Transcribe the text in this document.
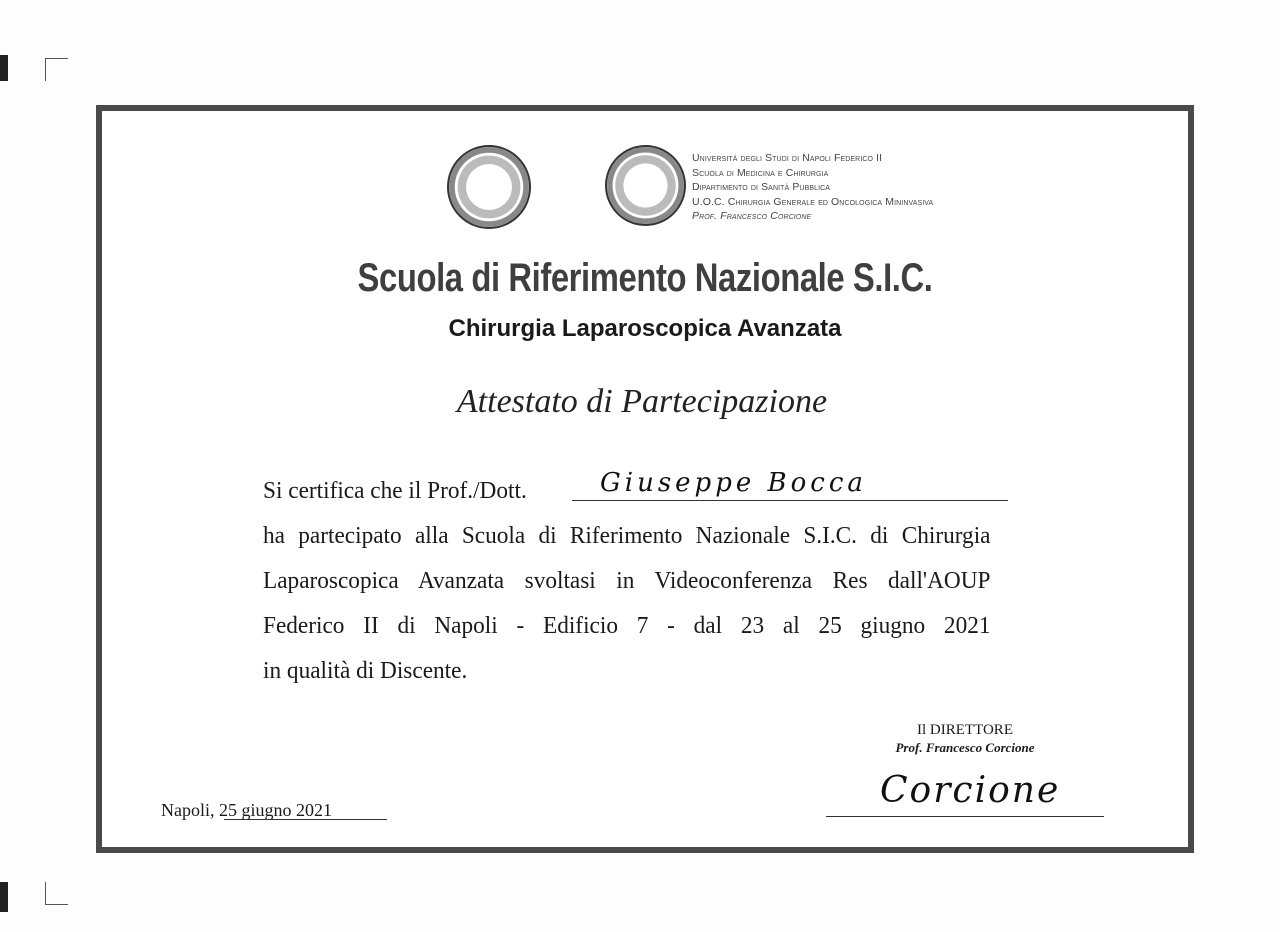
Università degli Studi di Napoli Federico II
Scuola di Medicina e Chirurgia
Dipartimento di Sanità Pubblica
U.O.C. Chirurgia Generale ed Oncologica Mininvasiva
Prof. Francesco Corcione
Scuola di Riferimento Nazionale S.I.C.
Chirurgia Laparoscopica Avanzata
Attestato di Partecipazione
Si certifica che il Prof./Dott.	Giuseppe Bocca
ha partecipato alla Scuola di Riferimento Nazionale S.I.C. di Chirurgia
Laparoscopica Avanzata svoltasi in Videoconferenza Res dall'AOUP
Federico II di Napoli - Edificio 7 - dal 23 al 25 giugno 2021
in qualità di Discente.
Napoli, 25 giugno 2021
Il DIRETTORE
Prof. Francesco Corcione
Corcione
